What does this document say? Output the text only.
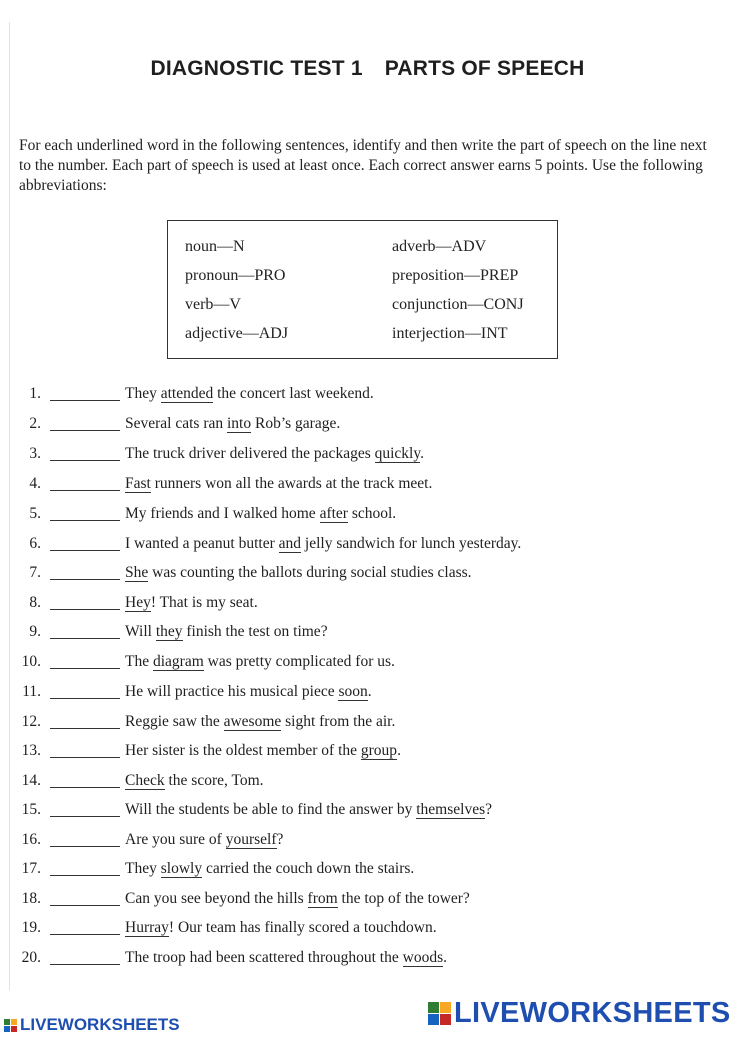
DIAGNOSTIC TEST 1 PARTS OF SPEECH
For each underlined word in the following sentences, identify and then write the part of speech on the line next to the number. Each part of speech is used at least once. Each correct answer earns 5 points. Use the following abbreviations:
noun—N	adverb—ADV
pronoun—PRO	preposition—PREP
verb—V	conjunction—CONJ
adjective—ADJ	interjection—INT
1.	They attended the concert last weekend.
2.	Several cats ran into Rob’s garage.
3.	The truck driver delivered the packages quickly.
4.	Fast runners won all the awards at the track meet.
5.	My friends and I walked home after school.
6.	I wanted a peanut butter and jelly sandwich for lunch yesterday.
7.	She was counting the ballots during social studies class.
8.	Hey! That is my seat.
9.	Will they finish the test on time?
10.	The diagram was pretty complicated for us.
11.	He will practice his musical piece soon.
12.	Reggie saw the awesome sight from the air.
13.	Her sister is the oldest member of the group.
14.	Check the score, Tom.
15.	Will the students be able to find the answer by themselves?
16.	Are you sure of yourself?
17.	They slowly carried the couch down the stairs.
18.	Can you see beyond the hills from the top of the tower?
19.	Hurray! Our team has finally scored a touchdown.
20.	The troop had been scattered throughout the woods.
LIVEWORKSHEETS	LIVEWORKSHEETS
